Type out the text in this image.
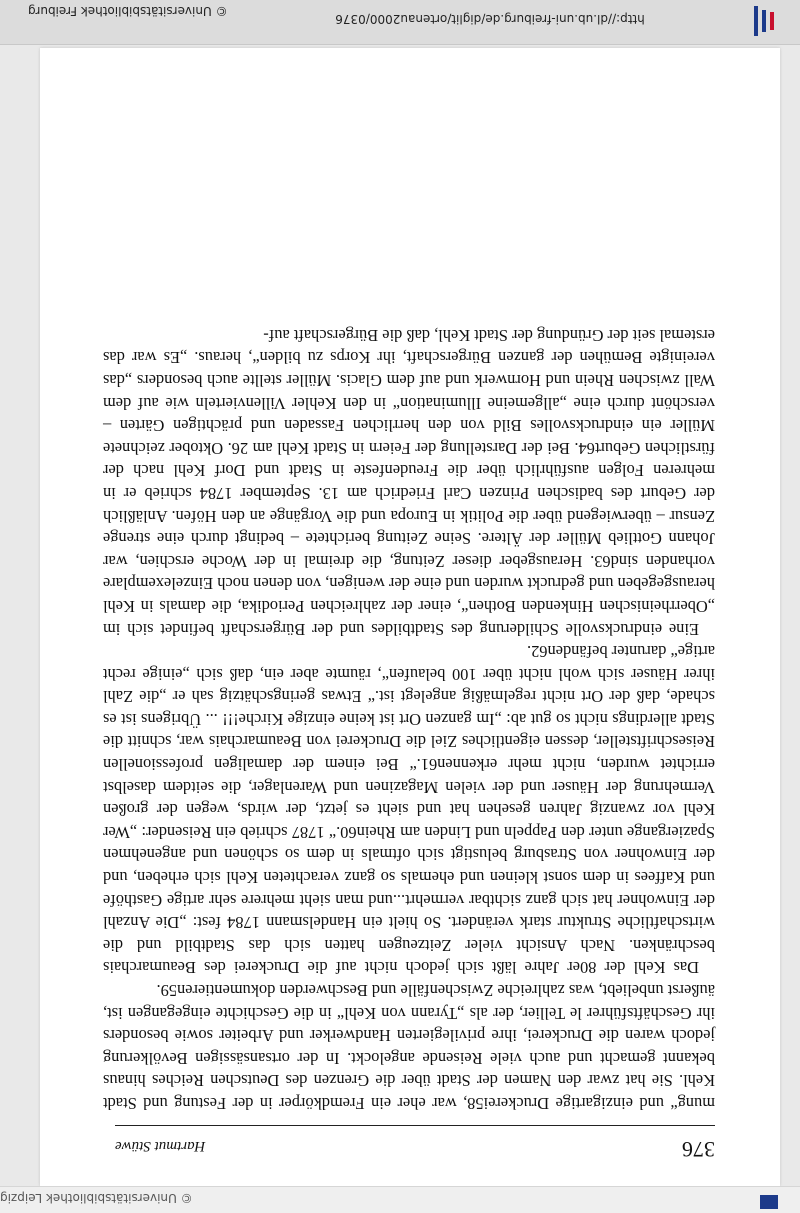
© Universitätsbibliothek Freiburg
http://dl.ub.uni-freiburg.de/diglit/ortenau2000/0376
376
Hartmut Stüwe

mung“ und einzigartige Druckerei58, war eher ein Fremdkörper in der Festung und Stadt Kehl. Sie hat zwar den Namen der Stadt über die Grenzen des Deutschen Reiches hinaus bekannt gemacht und auch viele Reisende angelockt. In der ortsansässigen Bevölkerung jedoch waren die Druckerei, ihre privilegierten Handwerker und Arbeiter sowie besonders ihr Geschäftsführer le Tellier, der als „Tyrann von Kehl“ in die Geschichte eingegangen ist, äußerst unbeliebt, was zahlreiche Zwischenfälle und Beschwerden dokumentieren59.

Das Kehl der 80er Jahre läßt sich jedoch nicht auf die Druckerei des Beaumarchais beschränken. Nach Ansicht vieler Zeitzeugen hatten sich das Stadtbild und die wirtschaftliche Struktur stark verändert. So hielt ein Handelsmann 1784 fest: „Die Anzahl der Einwohner hat sich ganz sichtbar vermehrt...und man sieht mehrere sehr artige Gasthöfe und Kaffees in dem sonst kleinen und ehemals so ganz verachteten Kehl sich erheben, und der Einwohner von Strasburg belustigt sich oftmals in dem so schönen und angenehmen Spaziergange unter den Pappeln und Linden am Rhein60.“ 1787 schrieb ein Reisender: „Wer Kehl vor zwanzig Jahren gesehen hat und sieht es jetzt, der wirds, wegen der großen Vermehrung der Häuser und der vielen Magazinen und Warenlager, die seitdem daselbst errichtet wurden, nicht mehr erkennen61.“ Bei einem der damaligen professionellen Reiseschriftsteller, dessen eigentliches Ziel die Druckerei von Beaumarchais war, schnitt die Stadt allerdings nicht so gut ab: „Im ganzen Ort ist keine einzige Kirche!!! ... Übrigens ist es schade, daß der Ort nicht regelmäßig angelegt ist.“ Etwas geringschätzig sah er „die Zahl ihrer Häuser sich wohl nicht über 100 belaufen“, räumte aber ein, daß sich „einige recht artige“ darunter befänden62.

Eine eindrucksvolle Schilderung des Stadtbildes und der Bürgerschaft befindet sich im „Oberrheinischen Hinkenden Bothen“, einer der zahlreichen Periodika, die damals in Kehl herausgegeben und gedruckt wurden und eine der wenigen, von denen noch Einzelexemplare vorhanden sind63. Herausgeber dieser Zeitung, die dreimal in der Woche erschien, war Johann Gottlieb Müller der Ältere. Seine Zeitung berichtete – bedingt durch eine strenge Zensur – überwiegend über die Politik in Europa und die Vorgänge an den Höfen. Anläßlich der Geburt des badischen Prinzen Carl Friedrich am 13. September 1784 schrieb er in mehreren Folgen ausführlich über die Freudenfeste in Stadt und Dorf Kehl nach der fürstlichen Geburt64. Bei der Darstellung der Feiern in Stadt Kehl am 26. Oktober zeichnete Müller ein eindrucksvolles Bild von den herrlichen Fassaden und prächtigen Gärten – verschönt durch eine „allgemeine Illumination“ in den Kehler Villenvierteln wie auf dem Wall zwischen Rhein und Hornwerk und auf dem Glacis. Müller stellte auch besonders „das vereinigte Bemühen der ganzen Bürgerschaft, ihr Korps zu bilden“, heraus. „Es war das erstemal seit der Gründung der Stadt Kehl, daß die Bürgerschaft auf-

© Universitätsbibliothek Leipzig
